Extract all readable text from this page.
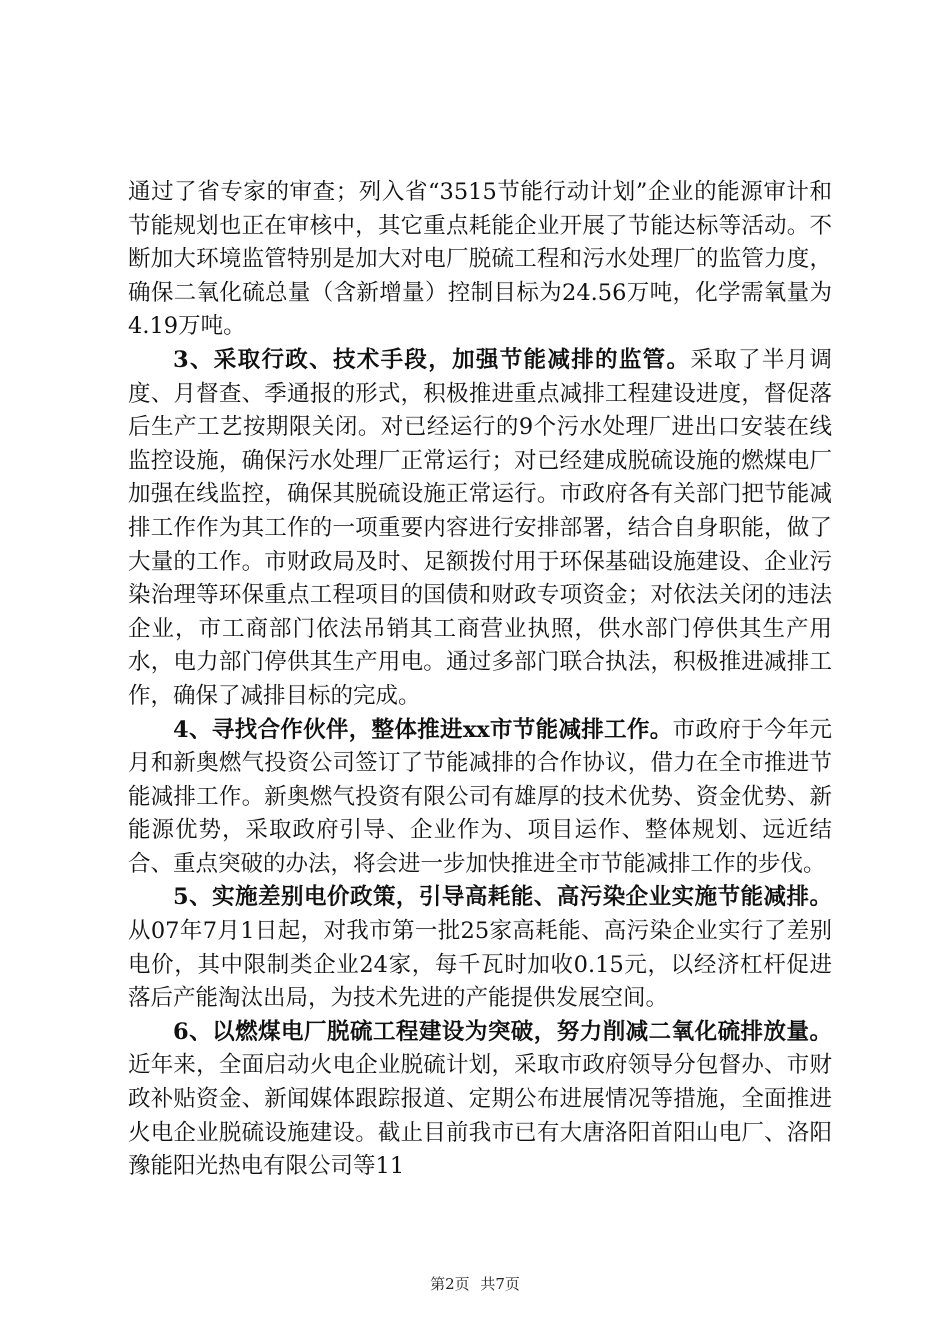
通过了省专家的审查；列入省“3515节能行动计划”企业的能源审计和节能规划也正在审核中，其它重点耗能企业开展了节能达标等活动。不断加大环境监管特别是加大对电厂脱硫工程和污水处理厂的监管力度，确保二氧化硫总量（含新增量）控制目标为24.56万吨，化学需氧量为4.19万吨。

3、采取行政、技术手段，加强节能减排的监管。采取了半月调度、月督查、季通报的形式，积极推进重点减排工程建设进度，督促落后生产工艺按期限关闭。对已经运行的9个污水处理厂进出口安装在线监控设施，确保污水处理厂正常运行；对已经建成脱硫设施的燃煤电厂加强在线监控，确保其脱硫设施正常运行。市政府各有关部门把节能减排工作作为其工作的一项重要内容进行安排部署，结合自身职能，做了大量的工作。市财政局及时、足额拨付用于环保基础设施建设、企业污染治理等环保重点工程项目的国债和财政专项资金；对依法关闭的违法企业，市工商部门依法吊销其工商营业执照，供水部门停供其生产用水，电力部门停供其生产用电。通过多部门联合执法，积极推进减排工作，确保了减排目标的完成。

4、寻找合作伙伴，整体推进xx市节能减排工作。市政府于今年元月和新奥燃气投资公司签订了节能减排的合作协议，借力在全市推进节能减排工作。新奥燃气投资有限公司有雄厚的技术优势、资金优势、新能源优势，采取政府引导、企业作为、项目运作、整体规划、远近结合、重点突破的办法，将会进一步加快推进全市节能减排工作的步伐。

5、实施差别电价政策，引导高耗能、高污染企业实施节能减排。从07年7月1日起，对我市第一批25家高耗能、高污染企业实行了差别电价，其中限制类企业24家，每千瓦时加收0.15元，以经济杠杆促进落后产能淘汰出局，为技术先进的产能提供发展空间。

6、以燃煤电厂脱硫工程建设为突破，努力削减二氧化硫排放量。近年来，全面启动火电企业脱硫计划，采取市政府领导分包督办、市财政补贴资金、新闻媒体跟踪报道、定期公布进展情况等措施，全面推进火电企业脱硫设施建设。截止目前我市已有大唐洛阳首阳山电厂、洛阳豫能阳光热电有限公司等11

第2页 共7页
